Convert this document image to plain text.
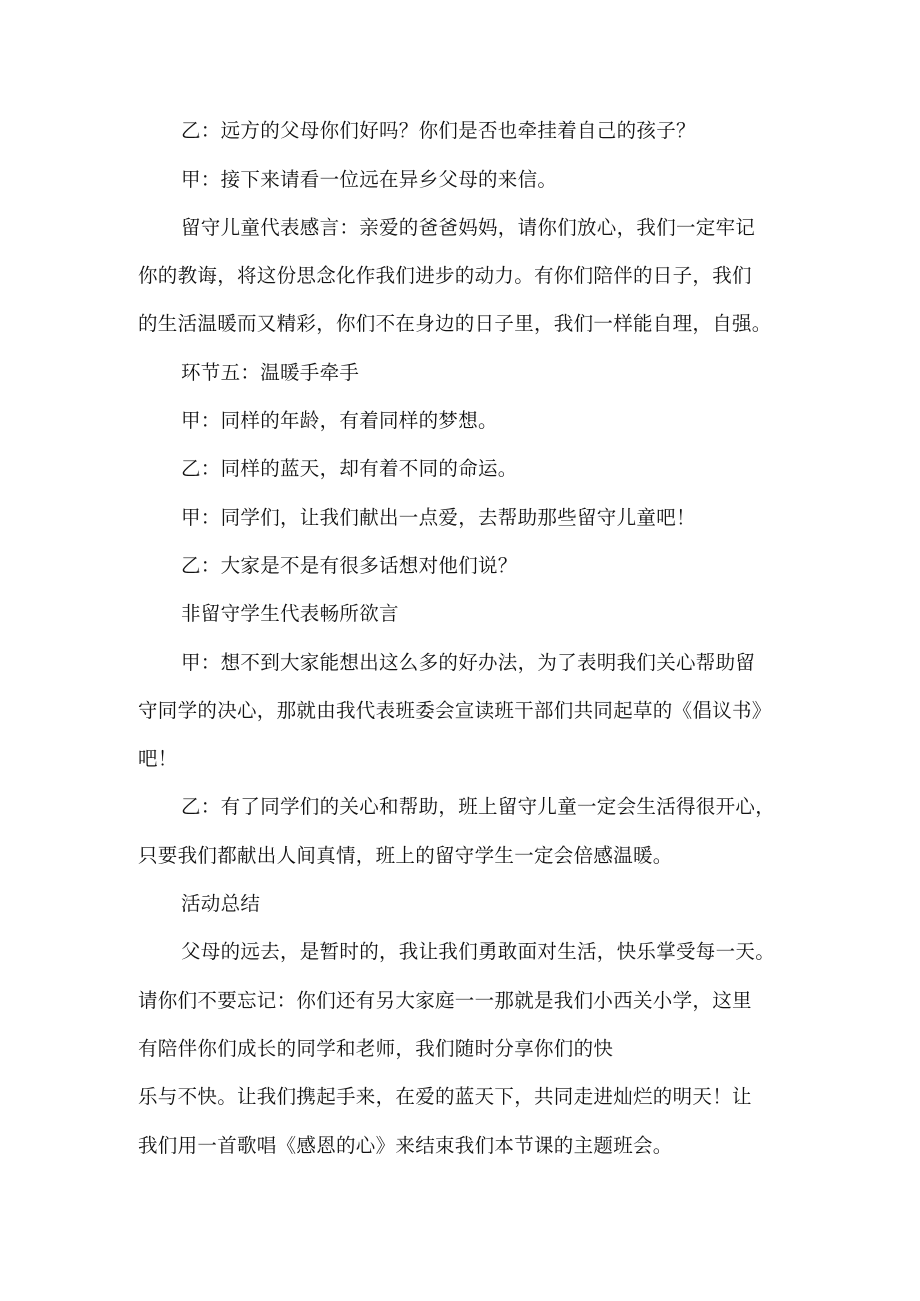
乙：远方的父母你们好吗？你们是否也牵挂着自己的孩子？
甲：接下来请看一位远在异乡父母的来信。
留守儿童代表感言：亲爱的爸爸妈妈，请你们放心，我们一定牢记
你的教诲，将这份思念化作我们进步的动力。有你们陪伴的日子，我们
的生活温暖而又精彩，你们不在身边的日子里，我们一样能自理，自强。
环节五：温暖手牵手
甲：同样的年龄，有着同样的梦想。
乙：同样的蓝天，却有着不同的命运。
甲：同学们，让我们献出一点爱，去帮助那些留守儿童吧！
乙：大家是不是有很多话想对他们说？
非留守学生代表畅所欲言
甲：想不到大家能想出这么多的好办法，为了表明我们关心帮助留
守同学的决心，那就由我代表班委会宣读班干部们共同起草的《倡议书》
吧！
乙：有了同学们的关心和帮助，班上留守儿童一定会生活得很开心，
只要我们都献出人间真情，班上的留守学生一定会倍感温暖。
活动总结
父母的远去，是暂时的，我让我们勇敢面对生活，快乐掌受每一天。
请你们不要忘记：你们还有另大家庭一一那就是我们小西关小学，这里
有陪伴你们成长的同学和老师，我们随时分享你们的快
乐与不快。让我们携起手来，在爱的蓝天下，共同走进灿烂的明天！让
我们用一首歌唱《感恩的心》来结束我们本节课的主题班会。
